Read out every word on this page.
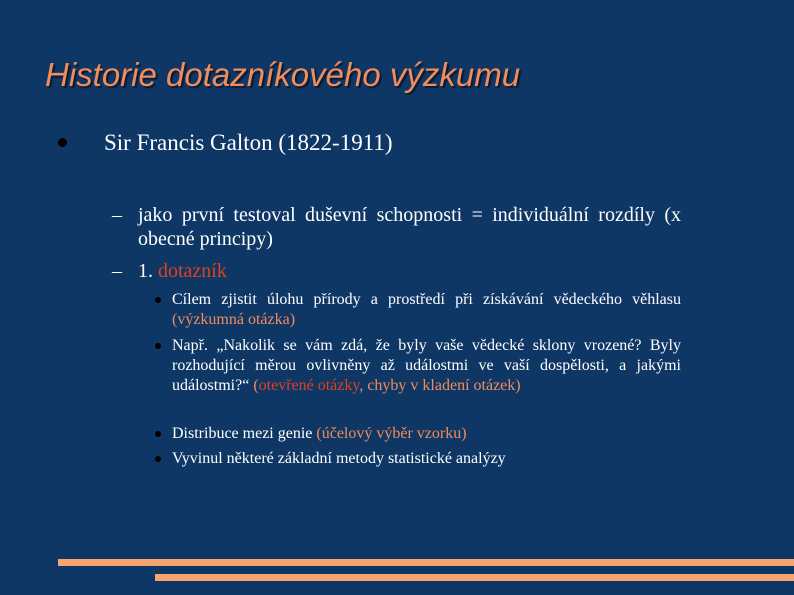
Historie dotazníkového výzkumu
Sir Francis Galton (1822-1911)
– jako první testoval duševní schopnosti = individuální rozdíly (x obecné principy)
– 1. dotazník
Cílem zjistit úlohu přírody a prostředí při získávání vědeckého věhlasu (výzkumná otázka)
Např. „Nakolik se vám zdá, že byly vaše vědecké sklony vrozené? Byly rozhodující měrou ovlivněny až událostmi ve vaší dospělosti, a jakými událostmi?“ (otevřené otázky, chyby v kladení otázek)
Distribuce mezi genie (účelový výběr vzorku)
Vyvinul některé základní metody statistické analýzy
